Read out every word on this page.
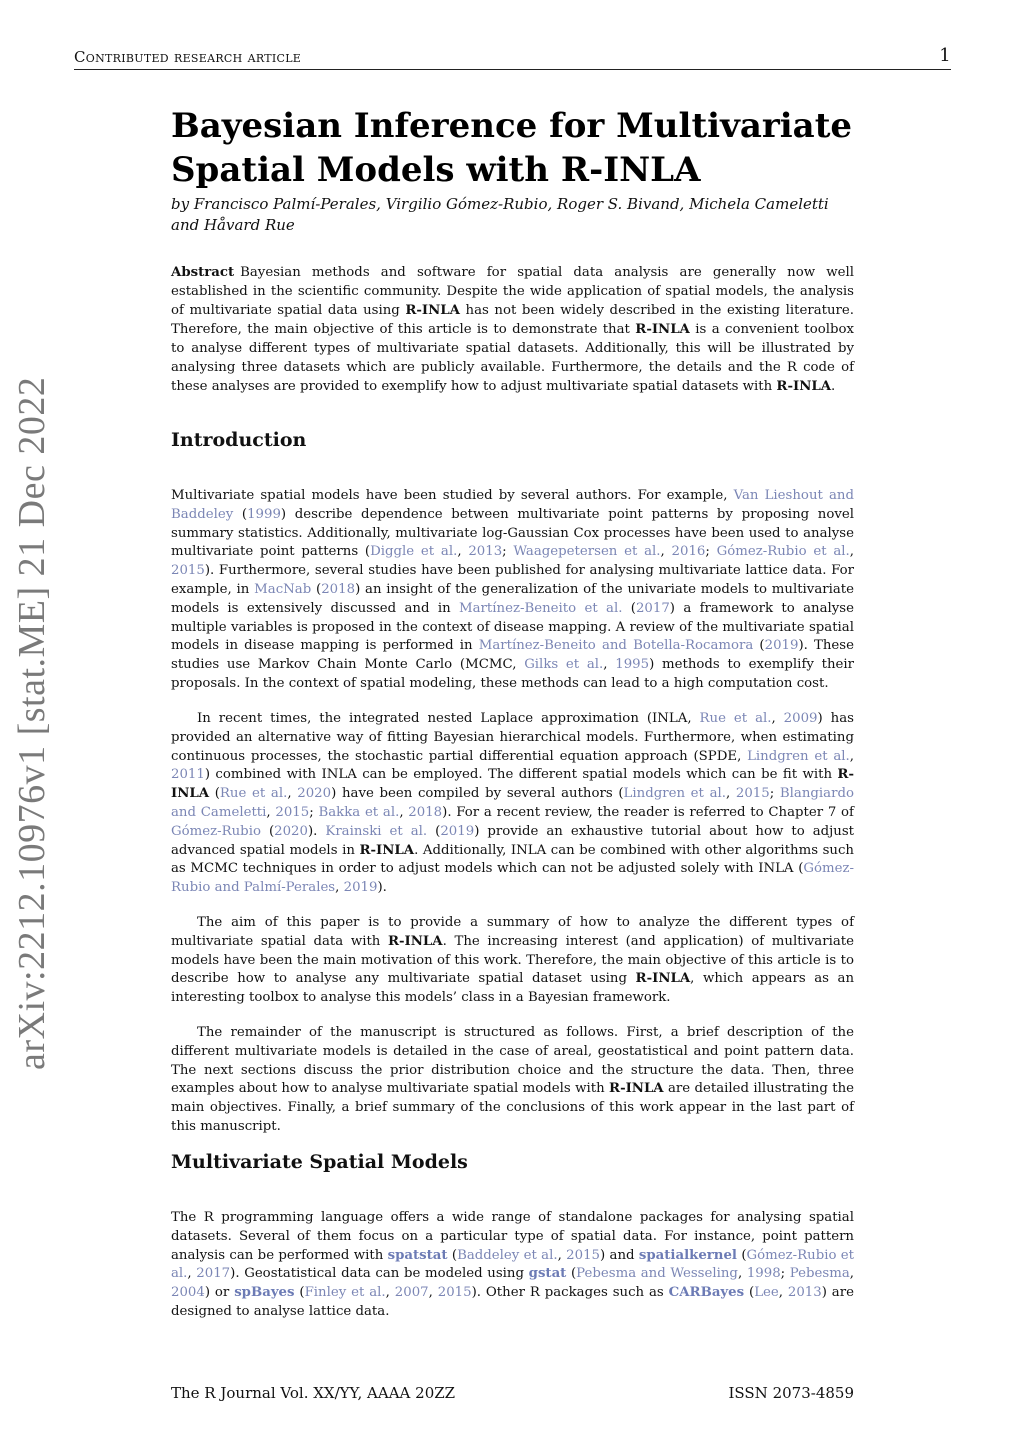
Contributed research article	1
arXiv:2212.10976v1 [stat.ME] 21 Dec 2022
Bayesian Inference for Multivariate
Spatial Models with R-INLA

by Francisco Palmí-Perales, Virgilio Gómez-Rubio, Roger S. Bivand, Michela Cameletti and Håvard Rue

Abstract Bayesian methods and software for spatial data analysis are generally now well established in the scientific community. Despite the wide application of spatial models, the analysis of multivariate spatial data using R-INLA has not been widely described in the existing literature. Therefore, the main objective of this article is to demonstrate that R-INLA is a convenient toolbox to analyse different types of multivariate spatial datasets. Additionally, this will be illustrated by analysing three datasets which are publicly available. Furthermore, the details and the R code of these analyses are provided to exemplify how to adjust multivariate spatial datasets with R-INLA.

Introduction

Multivariate spatial models have been studied by several authors. For example, Van Lieshout and Baddeley (1999) describe dependence between multivariate point patterns by proposing novel summary statistics. Additionally, multivariate log-Gaussian Cox processes have been used to analyse multivariate point patterns (Diggle et al., 2013; Waagepetersen et al., 2016; Gómez-Rubio et al., 2015). Furthermore, several studies have been published for analysing multivariate lattice data. For example, in MacNab (2018) an insight of the generalization of the univariate models to multivariate models is extensively discussed and in Martínez-Beneito et al. (2017) a framework to analyse multiple variables is proposed in the context of disease mapping. A review of the multivariate spatial models in disease mapping is performed in Martínez-Beneito and Botella-Rocamora (2019). These studies use Markov Chain Monte Carlo (MCMC, Gilks et al., 1995) methods to exemplify their proposals. In the context of spatial modeling, these methods can lead to a high computation cost.

In recent times, the integrated nested Laplace approximation (INLA, Rue et al., 2009) has provided an alternative way of fitting Bayesian hierarchical models. Furthermore, when estimating continuous processes, the stochastic partial differential equation approach (SPDE, Lindgren et al., 2011) combined with INLA can be employed. The different spatial models which can be fit with R-INLA (Rue et al., 2020) have been compiled by several authors (Lindgren et al., 2015; Blangiardo and Cameletti, 2015; Bakka et al., 2018). For a recent review, the reader is referred to Chapter 7 of Gómez-Rubio (2020). Krainski et al. (2019) provide an exhaustive tutorial about how to adjust advanced spatial models in R-INLA. Additionally, INLA can be combined with other algorithms such as MCMC techniques in order to adjust models which can not be adjusted solely with INLA (Gómez-Rubio and Palmí-Perales, 2019).

The aim of this paper is to provide a summary of how to analyze the different types of multivariate spatial data with R-INLA. The increasing interest (and application) of multivariate models have been the main motivation of this work. Therefore, the main objective of this article is to describe how to analyse any multivariate spatial dataset using R-INLA, which appears as an interesting toolbox to analyse this models’ class in a Bayesian framework.

The remainder of the manuscript is structured as follows. First, a brief description of the different multivariate models is detailed in the case of areal, geostatistical and point pattern data. The next sections discuss the prior distribution choice and the structure the data. Then, three examples about how to analyse multivariate spatial models with R-INLA are detailed illustrating the main objectives. Finally, a brief summary of the conclusions of this work appear in the last part of this manuscript.

Multivariate Spatial Models

The R programming language offers a wide range of standalone packages for analysing spatial datasets. Several of them focus on a particular type of spatial data. For instance, point pattern analysis can be performed with spatstat (Baddeley et al., 2015) and spatialkernel (Gómez-Rubio et al., 2017). Geostatistical data can be modeled using gstat (Pebesma and Wesseling, 1998; Pebesma, 2004) or spBayes (Finley et al., 2007, 2015). Other R packages such as CARBayes (Lee, 2013) are designed to analyse lattice data.

The R Journal Vol. XX/YY, AAAA 20ZZ	ISSN 2073-4859
